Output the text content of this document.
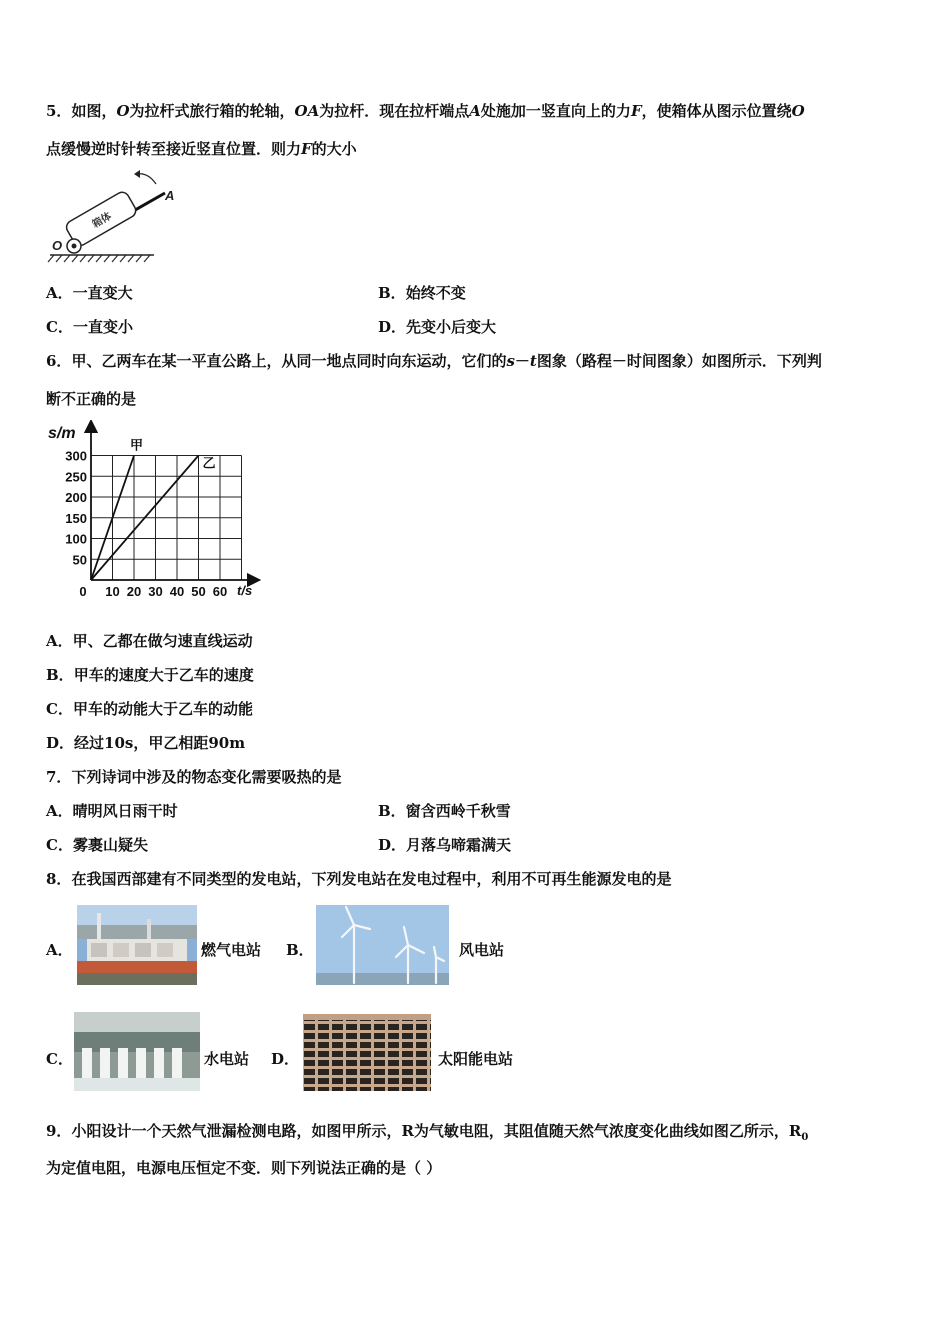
5．如图，O为拉杆式旅行箱的轮轴，OA为拉杆．现在拉杆端点A处施加一竖直向上的力F，使箱体从图示位置绕O
点缓慢逆时针转至接近竖直位置．则力F的大小
箱体
A
O
A．一直变大	B．始终不变
C．一直变小	D．先变小后变大
6．甲、乙两车在某一平直公路上，从同一地点同时向东运动，它们的s－t图象（路程－时间图象）如图所示．下列判
断不正确的是
50
100
150
200
250
300
0 10 20 30 40 50 60
甲
乙
s/m
t/s
A．甲、乙都在做匀速直线运动
B．甲车的速度大于乙车的速度
C．甲车的动能大于乙车的动能
D．经过10s，甲乙相距90m
7．下列诗词中涉及的物态变化需要吸热的是
A．晴明风日雨干时	B．窗含西岭千秋雪
C．雾裹山疑失	D．月落乌啼霜满天
8．在我国西部建有不同类型的发电站，下列发电站在发电过程中，利用不可再生能源发电的是
A．	燃气电站 B．	风电站
C．	水电站 D．	太阳能电站
9．小阳设计一个天然气泄漏检测电路，如图甲所示，R为气敏电阻，其阻值随天然气浓度变化曲线如图乙所示，$R_0$
为定值电阻，电源电压恒定不变．则下列说法正确的是（ ）
